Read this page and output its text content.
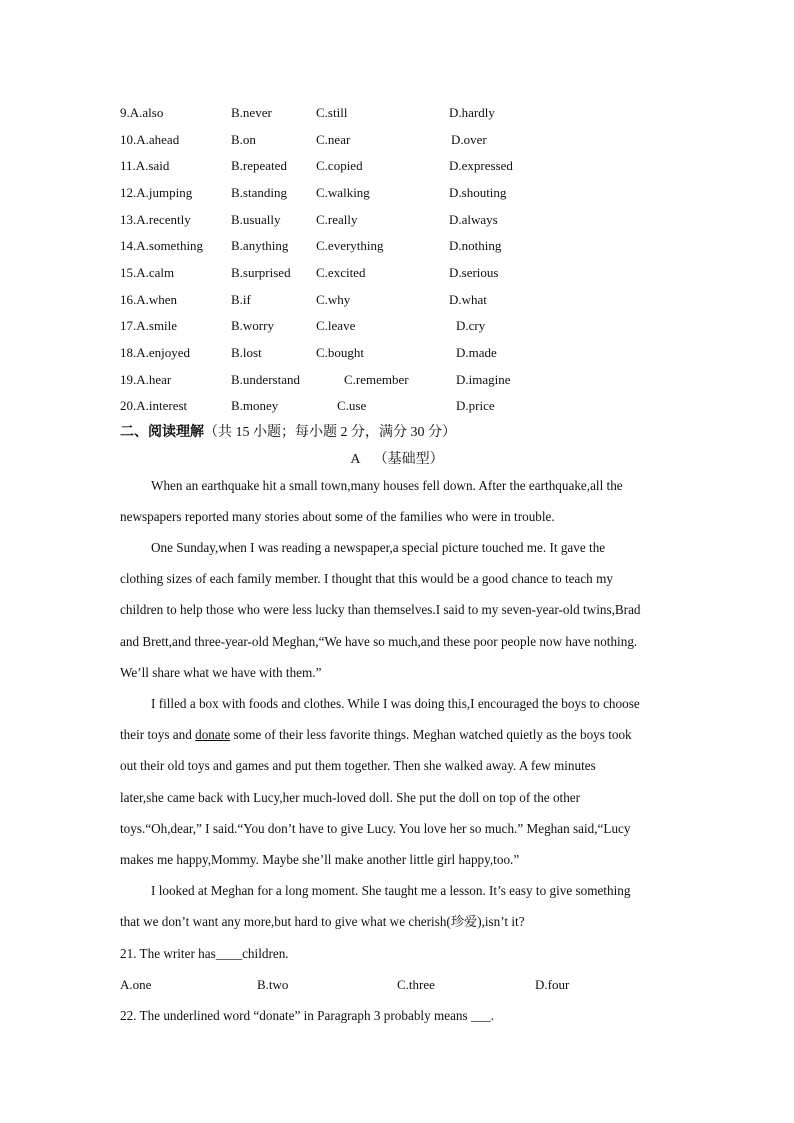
9.A.also	B.never	C.still	D.hardly
10.A.ahead	B.on	C.near	D.over
11.A.said	B.repeated C.copied	D.expressed
12.A.jumping	B.standing C.walking	D.shouting
13.A.recently	B.usually	C.really	D.always
14.A.something B.anything C.everything	D.nothing
15.A.calm	B.surprised C.excited	D.serious
16.A.when	B.if	C.why	D.what
17.A.smile	B.worry	C.leave	D.cry
18.A.enjoyed	B.lost	C.bought	D.made
19.A.hear	B.understand	C.remember	D.imagine
20.A.interest	B.money	C.use	D.price
二、阅读理解（共 15 小题；每小题 2 分，满分 30 分）
A    （基础型）
When an earthquake hit a small town,many houses fell down. After the earthquake,all the
newspapers reported many stories about some of the families who were in trouble.
One Sunday,when I was reading a newspaper,a special picture touched me. It gave the
clothing sizes of each family member. I thought that this would be a good chance to teach my
children to help those who were less lucky than themselves.I said to my seven-year-old twins,Brad
and Brett,and three-year-old Meghan,“We have so much,and these poor people now have nothing.
We’ll share what we have with them.”
I filled a box with foods and clothes. While I was doing this,I encouraged the boys to choose
their toys and donate some of their less favorite things. Meghan watched quietly as the boys took
out their old toys and games and put them together. Then she walked away. A few minutes
later,she came back with Lucy,her much-loved doll. She put the doll on top of the other
toys.“Oh,dear,” I said.“You don’t have to give Lucy. You love her so much.” Meghan said,“Lucy
makes me happy,Mommy. Maybe she’ll make another little girl happy,too.”
I looked at Meghan for a long moment. She taught me a lesson. It’s easy to give something
that we don’t want any more,but hard to give what we cherish(珍爱),isn’t it?
21. The writer has____children.
A.one	B.two	C.three	D.four
22. The underlined word “donate” in Paragraph 3 probably means ___.
